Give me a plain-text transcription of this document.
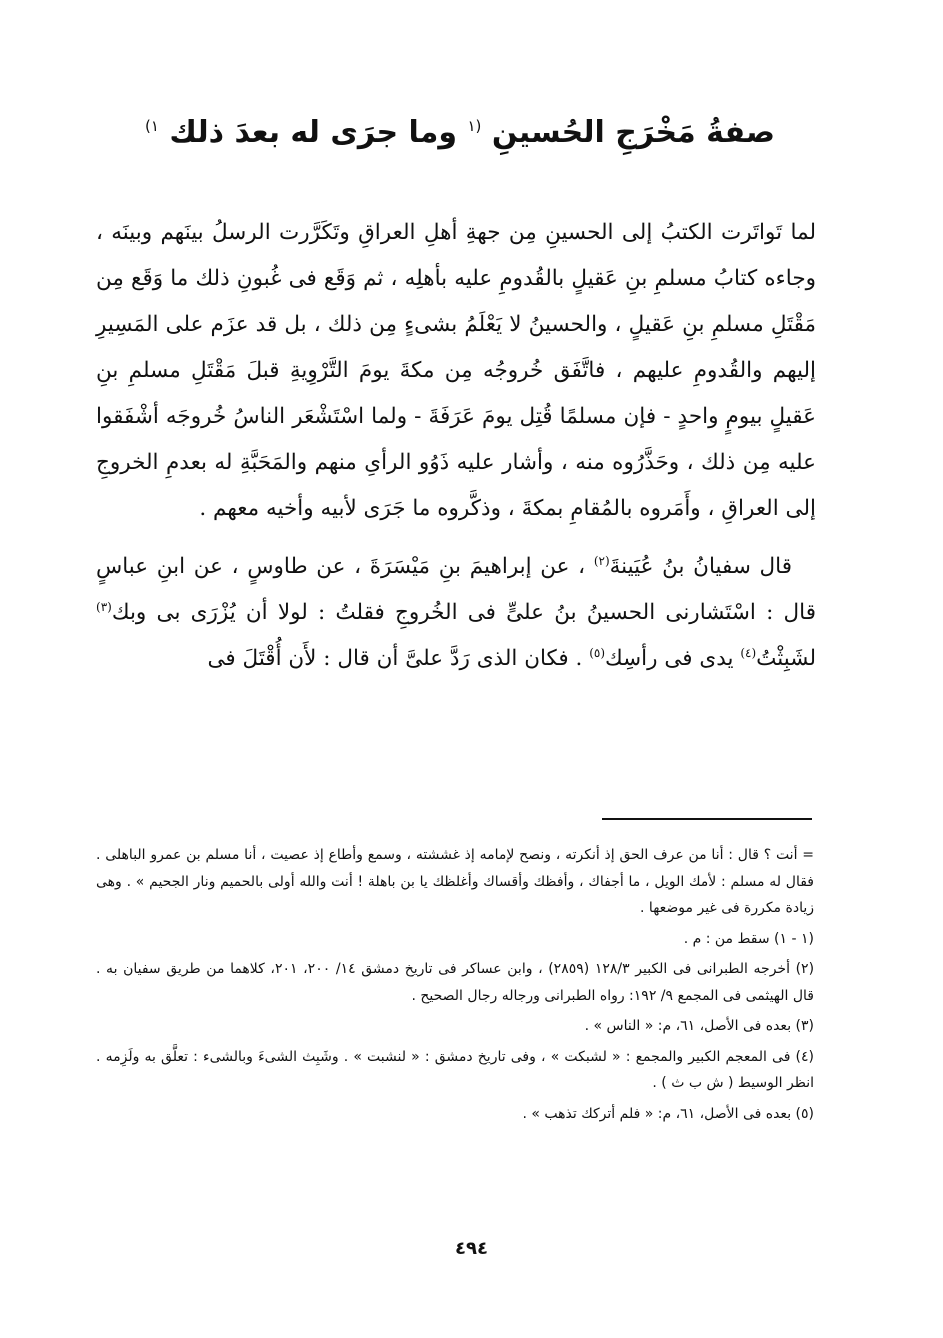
صفةُ مَخْرَجِ الحُسينِ $^{(١}$ وما جرَى له بعدَ ذلك $^{١)}$

لما تَواتَرت الكتبُ إلى الحسينِ مِن جهةِ أهلِ العراقِ وتَكَرَّرت الرسلُ بينَهم وبينَه ، وجاءه كتابُ مسلمِ بنِ عَقيلٍ بالقُدومِ عليه بأهلِه ، ثم وَقَع فى غُبونِ ذلك ما وَقَع مِن مَقْتَلِ مسلمِ بنِ عَقيلٍ ، والحسينُ لا يَعْلَمُ بشىءٍ مِن ذلك ، بل قد عزَم على المَسِيرِ إليهم والقُدومِ عليهم ، فاتَّفَق خُروجُه مِن مكةَ يومَ التَّرْوِيةِ قبلَ مَقْتَلِ مسلمِ بنِ عَقيلٍ بيومٍ واحدٍ - فإن مسلمًا قُتِل يومَ عَرَفَةَ - ولما اسْتَشْعَر الناسُ خُروجَه أشْفَقوا عليه مِن ذلك ، وحَذَّرُوه منه ، وأشار عليه ذَوُو الرأىِ منهم والمَحَبَّةِ له بعدمِ الخروجِ إلى العراقِ ، وأَمَروه بالمُقامِ بمكةَ ، وذكَّروه ما جَرَى لأبيه وأخيه معهم .

قال سفيانُ بنُ عُيَينةَ$^{(٢)}$ ، عن إبراهيمَ بنِ مَيْسَرَةَ ، عن طاوسٍ ، عن ابنِ عباسٍ قال : اسْتَشارنى الحسينُ بنُ علىٍّ فى الخُروجِ فقلتُ : لولا أن يُزْرَى بى وبك$^{(٣)}$ لشَبِثْتُ$^{(٤)}$ يدى فى رأسِك$^{(٥)}$ . فكان الذى رَدَّ علىَّ أن قال : لأَن أُقْتَلَ فى

= أنت ؟ قال : أنا من عرف الحق إذ أنكرته ، ونصح لإمامه إذ غششته ، وسمع وأطاع إذ عصيت ، أنا مسلم بن عمرو الباهلى . فقال له مسلم : لأمك الويل ، ما أجفاك ، وأفظك وأقساك وأغلظك يا بن باهلة ! أنت والله أولى بالحميم ونار الجحيم » . وهى زيادة مكررة فى غير موضعها .

(١ - ١) سقط من : م .

(٢) أخرجه الطبرانى فى الكبير ٣/‏١٢٨ (٢٨٥٩) ، وابن عساكر فى تاريخ دمشق ١٤/‏ ٢٠٠، ٢٠١، كلاهما من طريق سفيان به . قال الهيثمى فى المجمع ٩/‏ ١٩٢: رواه الطبرانى ورجاله رجال الصحيح .

(٣) بعده فى الأصل، ٦١، م: « الناس » .

(٤) فى المعجم الكبير والمجمع : « لشبكت » ، وفى تاريخ دمشق : « لنشبت » . وشَبِث الشىءَ وبالشىء : تعلَّق به ولَزِمه . انظر الوسيط ( ش ب ث ) .

(٥) بعده فى الأصل، ٦١، م: « فلم أتركك تذهب » .

٤٩٤
